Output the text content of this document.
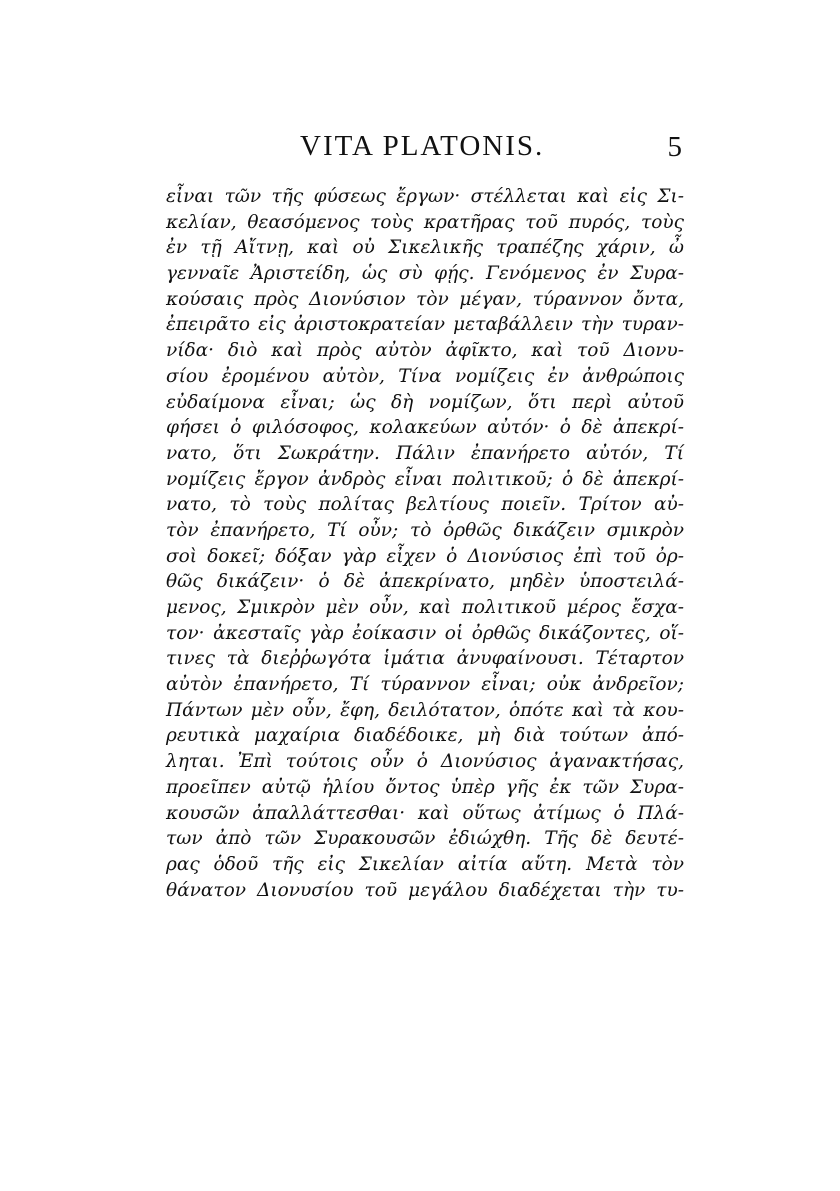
VITA PLATONIS.	5
εἶναι τῶν τῆς φύσεως ἔργων· στέλλεται καὶ εἰς Σι-
κελίαν, θεασόμενος τοὺς κρατῆρας τοῦ πυρός, τοὺς
ἐν τῇ Αἴτνῃ, καὶ οὐ Σικελικῆς τραπέζης χάριν, ὦ
γενναῖε Ἀριστείδη, ὡς σὺ φῄς. Γενόμενος ἐν Συρα-
κούσαις πρὸς Διονύσιον τὸν μέγαν, τύραννον ὄντα,
ἐπειρᾶτο εἰς ἀριστοκρατείαν μεταβάλλειν τὴν τυραν-
νίδα· διὸ καὶ πρὸς αὐτὸν ἀφῖκτο, καὶ τοῦ Διονυ-
σίου ἐρομένου αὐτὸν, Τίνα νομίζεις ἐν ἀνθρώποις
εὐδαίμονα εἶναι; ὡς δὴ νομίζων, ὅτι περὶ αὐτοῦ
φήσει ὁ φιλόσοφος, κολακεύων αὐτόν· ὁ δὲ ἀπεκρί-
νατο, ὅτι Σωκράτην. Πάλιν ἐπανήρετο αὐτόν, Τί
νομίζεις ἔργον ἀνδρὸς εἶναι πολιτικοῦ; ὁ δὲ ἀπεκρί-
νατο, τὸ τοὺς πολίτας βελτίους ποιεῖν. Τρίτον αὐ-
τὸν ἐπανήρετο, Τί οὖν; τὸ ὀρθῶς δικάζειν σμικρὸν
σοὶ δοκεῖ; δόξαν γὰρ εἶχεν ὁ Διονύσιος ἐπὶ τοῦ ὀρ-
θῶς δικάζειν· ὁ δὲ ἀπεκρίνατο, μηδὲν ὑποστειλά-
μενος, Σμικρὸν μὲν οὖν, καὶ πολιτικοῦ μέρος ἔσχα-
τον· ἀκεσταῖς γὰρ ἐοίκασιν οἱ ὀρθῶς δικάζοντες, οἵ-
τινες τὰ διεῤῥωγότα ἱμάτια ἀνυφαίνουσι. Τέταρτον
αὐτὸν ἐπανήρετο, Τί τύραννον εἶναι; οὐκ ἀνδρεῖον;
Πάντων μὲν οὖν, ἔφη, δειλότατον, ὁπότε καὶ τὰ κου-
ρευτικὰ μαχαίρια διαδέδοικε, μὴ διὰ τούτων ἀπό-
ληται. Ἐπὶ τούτοις οὖν ὁ Διονύσιος ἀγανακτήσας,
προεῖπεν αὐτῷ ἡλίου ὄντος ὑπὲρ γῆς ἐκ τῶν Συρα-
κουσῶν ἀπαλλάττεσθαι· καὶ οὕτως ἀτίμως ὁ Πλά-
των ἀπὸ τῶν Συρακουσῶν ἐδιώχθη. Τῆς δὲ δευτέ-
ρας ὁδοῦ τῆς εἰς Σικελίαν αἰτία αὕτη. Μετὰ τὸν
θάνατον Διονυσίου τοῦ μεγάλου διαδέχεται τὴν τυ-
